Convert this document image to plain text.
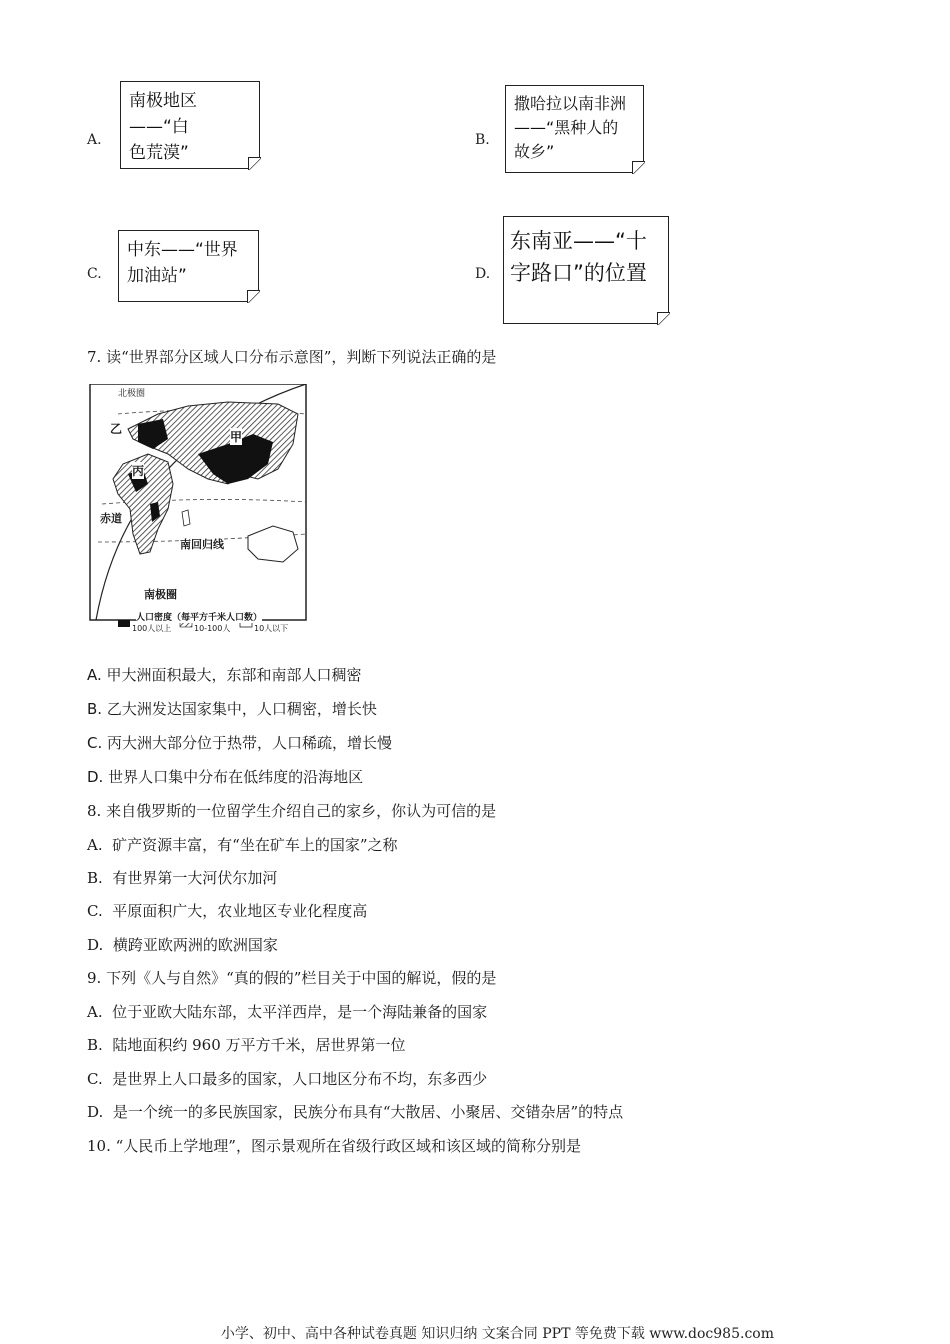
A.
南极地区——“白
色荒漠”
B.
撒哈拉以南非洲
——“黑种人的
故乡”
C.
中东——“世界
加油站”	D.
东南亚——“十
字路口”的位置
7. 读“世界部分区域人口分布示意图”，判断下列说法正确的是
北极圈
甲
乙
丙
赤道
南回归线
南极圈
人口密度（每平方千米人口数）
100人以上	10-100人	10人以下
A. 甲大洲面积最大，东部和南部人口稠密
B. 乙大洲发达国家集中，人口稠密，增长快
C. 丙大洲大部分位于热带，人口稀疏，增长慢
D. 世界人口集中分布在低纬度的沿海地区
8. 来自俄罗斯的一位留学生介绍自己的家乡，你认为可信的是
A. 矿产资源丰富，有“坐在矿车上的国家”之称
B. 有世界第一大河伏尔加河
C. 平原面积广大，农业地区专业化程度高
D. 横跨亚欧两洲的欧洲国家
9. 下列《人与自然》“真的假的”栏目关于中国的解说，假的是
A. 位于亚欧大陆东部，太平洋西岸，是一个海陆兼备的国家
B. 陆地面积约 960 万平方千米，居世界第一位
C. 是世界上人口最多的国家，人口地区分布不均，东多西少
D. 是一个统一的多民族国家，民族分布具有“大散居、小聚居、交错杂居”的特点
10. “人民币上学地理”，图示景观所在省级行政区域和该区域的简称分别是
小学、初中、高中各种试卷真题 知识归纳 文案合同 PPT 等免费下载 www.doc985.com
